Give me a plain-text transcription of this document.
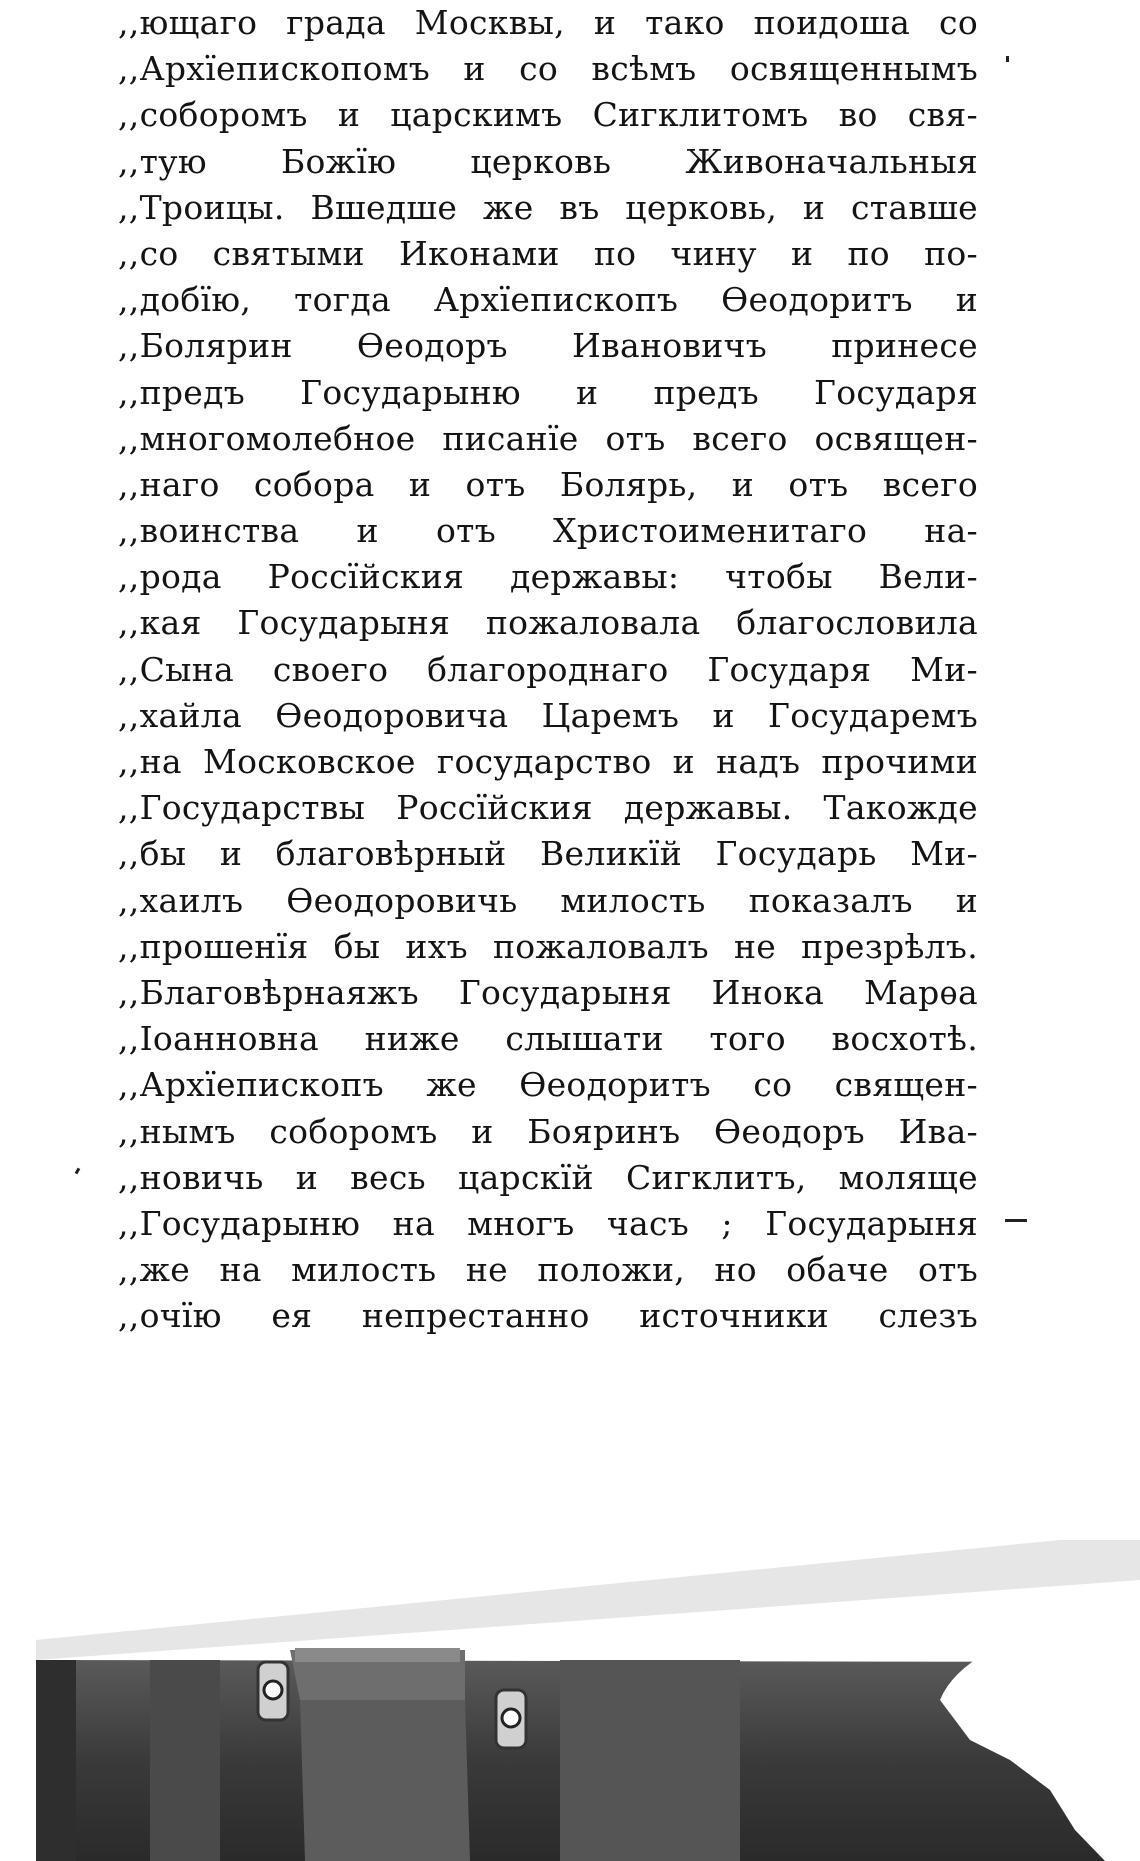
,,ющаго града Москвы, и тако поидоша со
,,Архїепископомъ и со всѣмъ освященнымъ
,,соборомъ и царскимъ Сигклитомъ во свя-
,,тую Божїю церковь Живоначальныя
,,Троицы. Вшедше же въ церковь, и ставше
,,со святыми Иконами по чину и по по-
,,добїю, тогда Архїепископъ Ѳеодоритъ и
,,Болярин Ѳеодоръ Ивановичъ принесе
,,предъ Государыню и предъ Государя
,,многомолебное писанїе отъ всего освящен-
,,наго собора и отъ Болярь, и отъ всего
,,воинства и отъ Христоименитаго на-
,,рода Россїйския державы: чтобы Вели-
,,кая Государыня пожаловала благословила
,,Сына своего благороднаго Государя Ми-
,,хайла Ѳеодоровича Царемъ и Государемъ
,,на Московское государство и надъ прочими
,,Государствы Россїйския державы. Такожде
,,бы и благовѣрный Великїй Государь Ми-
,,хаилъ Ѳеодоровичь милость показалъ и
,,прошенїя бы ихъ пожаловалъ не презрѣлъ.
,,Благовѣрнаяжъ Государыня Инока Марѳа
,,Іоанновна ниже слышати того восхотѣ.
,,Архїепископъ же Ѳеодоритъ со священ-
,,нымъ соборомъ и Бояринъ Ѳеодоръ Ива-
,,новичь и весь царскїй Сигклитъ, моляще
,,Государыню на многъ часъ ; Государыня
,,же на милость не положи, но обаче отъ
,,очїю ея непрестанно источники слезъ
